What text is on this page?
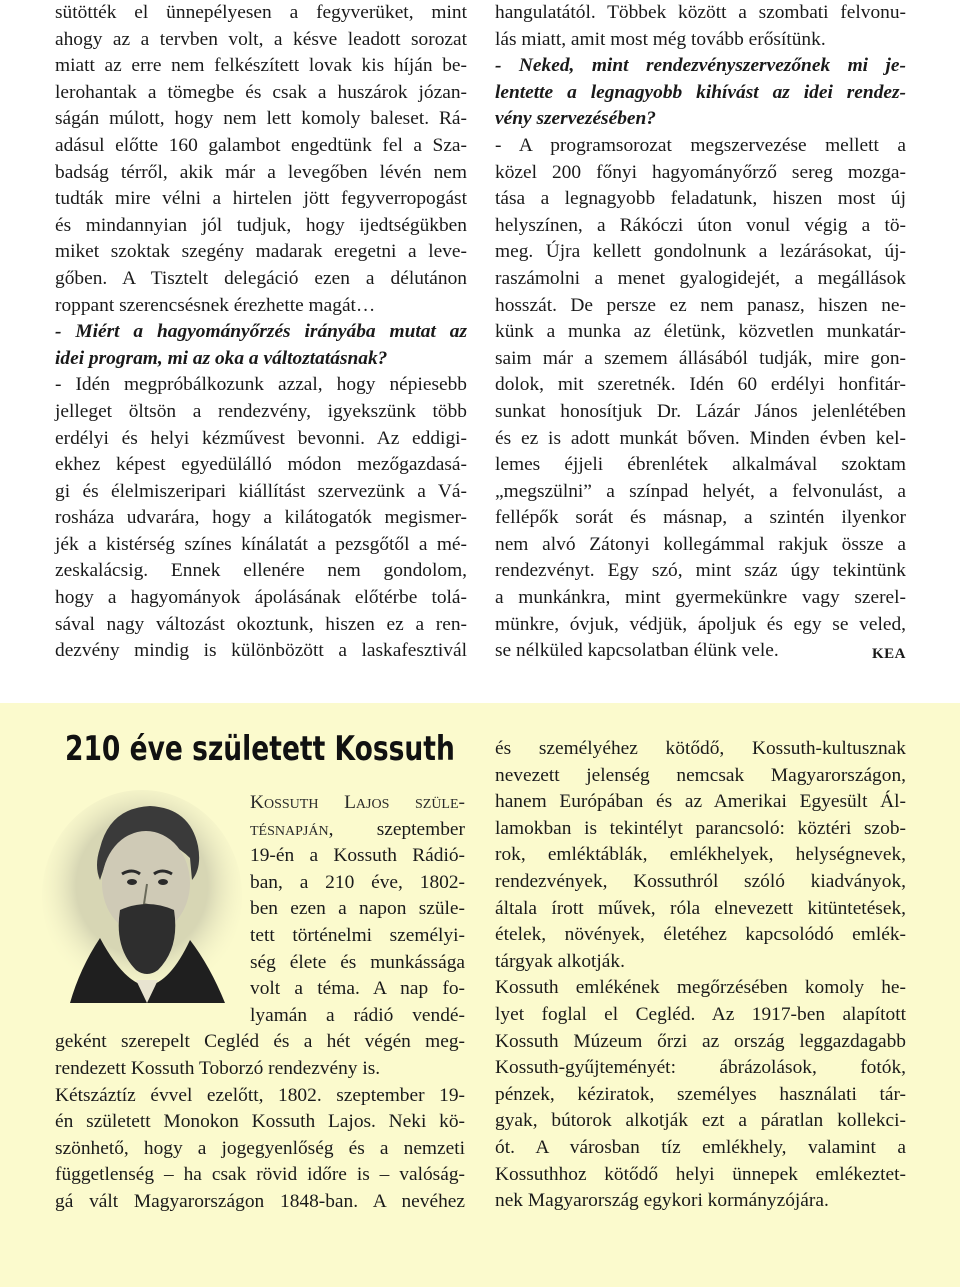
sütötték el ünnepélyesen a fegyverüket, mint
ahogy az a tervben volt, a késve leadott sorozat
miatt az erre nem felkészített lovak kis híján be-
lerohantak a tömegbe és csak a huszárok józan-
ságán múlott, hogy nem lett komoly baleset. Rá-
adásul előtte 160 galambot engedtünk fel a Sza-
badság térről, akik már a levegőben lévén nem
tudták mire vélni a hirtelen jött fegyverropogást
és mindannyian jól tudjuk, hogy ijedtségükben
miket szoktak szegény madarak eregetni a leve-
gőben. A Tisztelt delegáció ezen a délutánon
roppant szerencsésnek érezhette magát…
- Miért a hagyományőrzés irányába mutat az
idei program, mi az oka a változtatásnak?
- Idén megpróbálkozunk azzal, hogy népiesebb
jelleget öltsön a rendezvény, igyekszünk több
erdélyi és helyi kézművest bevonni. Az eddigi-
ekhez képest egyedülálló módon mezőgazdasá-
gi és élelmiszeripari kiállítást szervezünk a Vá-
rosháza udvarára, hogy a kilátogatók megismer-
jék a kistérség színes kínálatát a pezsgőtől a mé-
zeskalácsig. Ennek ellenére nem gondolom,
hogy a hagyományok ápolásának előtérbe tolá-
sával nagy változást okoztunk, hiszen ez a ren-
dezvény mindig is különbözött a laskafesztivál
hangulatától. Többek között a szombati felvonu-
lás miatt, amit most még tovább erősítünk.
- Neked, mint rendezvényszervezőnek mi je-
lentette a legnagyobb kihívást az idei rendez-
vény szervezésében?
- A programsorozat megszervezése mellett a
közel 200 főnyi hagyományőrző sereg mozga-
tása a legnagyobb feladatunk, hiszen most új
helyszínen, a Rákóczi úton vonul végig a tö-
meg. Újra kellett gondolnunk a lezárásokat, új-
raszámolni a menet gyalogidejét, a megállások
hosszát. De persze ez nem panasz, hiszen ne-
künk a munka az életünk, közvetlen munkatár-
saim már a szemem állásából tudják, mire gon-
dolok, mit szeretnék. Idén 60 erdélyi honfitár-
sunkat honosítjuk Dr. Lázár János jelenlétében
és ez is adott munkát bőven. Minden évben kel-
lemes éjjeli ébrenlétek alkalmával szoktam
„megszülni” a színpad helyét, a felvonulást, a
fellépők sorát és másnap, a szintén ilyenkor
nem alvó Zátonyi kollegámmal rakjuk össze a
rendezvényt. Egy szó, mint száz úgy tekintünk
a munkánkra, mint gyermekünkre vagy szerel-
münkre, óvjuk, védjük, ápoljuk és egy se veled,
se nélküled kapcsolatban élünk vele.	KEA
210 éve született Kossuth
Kossuth Lajos szüle-
tésnapján, szeptember
19-én a Kossuth Rádió-
ban, a 210 éve, 1802-
ben ezen a napon szüle-
tett történelmi személyi-
ség élete és munkássága
volt a téma. A nap fo-
lyamán a rádió vendé-
geként szerepelt Cegléd és a hét végén meg-
rendezett Kossuth Toborzó rendezvény is.
Kétszáztíz évvel ezelőtt, 1802. szeptember 19-
én született Monokon Kossuth Lajos. Neki kö-
szönhető, hogy a jogegyenlőség és a nemzeti
függetlenség – ha csak rövid időre is – valóság-
gá vált Magyarországon 1848-ban. A nevéhez
és személyéhez kötődő, Kossuth-kultusznak
nevezett jelenség nemcsak Magyarországon,
hanem Európában és az Amerikai Egyesült Ál-
lamokban is tekintélyt parancsoló: köztéri szob-
rok, emléktáblák, emlékhelyek, helységnevek,
rendezvények, Kossuthról szóló kiadványok,
általa írott művek, róla elnevezett kitüntetések,
ételek, növények, életéhez kapcsolódó emlék-
tárgyak alkotják.
Kossuth emlékének megőrzésében komoly he-
lyet foglal el Cegléd. Az 1917-ben alapított
Kossuth Múzeum őrzi az ország leggazdagabb
Kossuth-gyűjteményét: ábrázolások, fotók,
pénzek, kéziratok, személyes használati tár-
gyak, bútorok alkotják ezt a páratlan kollekci-
ót. A városban tíz emlékhely, valamint a
Kossuthhoz kötődő helyi ünnepek emlékeztet-
nek Magyarország egykori kormányzójára.
